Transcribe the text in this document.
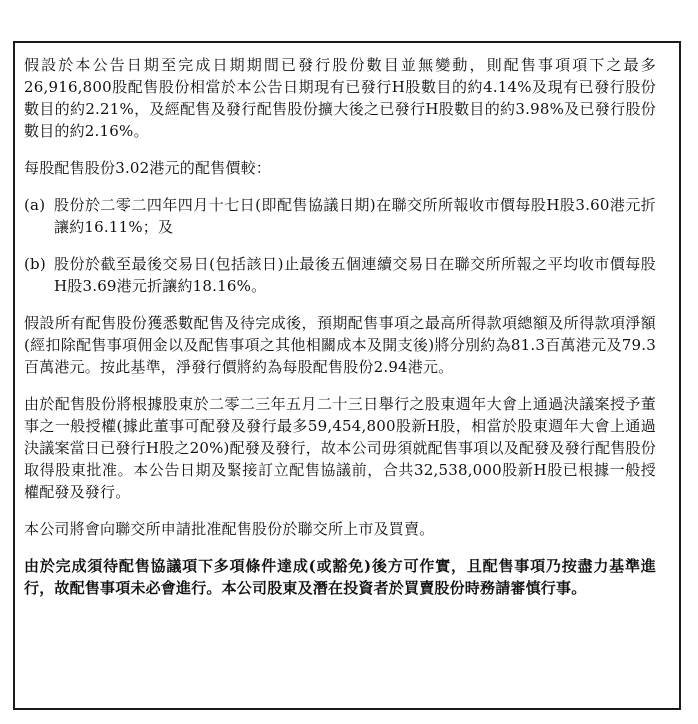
假設於本公告日期至完成日期期間已發行股份數目並無變動，則配售事項項下之最多26,916,800股配售股份相當於本公告日期現有已發行H股數目的約4.14%及現有已發行股份數目的約2.21%，及經配售及發行配售股份擴大後之已發行H股數目的約3.98%及已發行股份數目的約2.16%。

每股配售股份3.02港元的配售價較：

(a) 股份於二零二四年四月十七日(即配售協議日期)在聯交所所報收市價每股H股3.60港元折讓約16.11%；及
(b) 股份於截至最後交易日(包括該日)止最後五個連續交易日在聯交所所報之平均收市價每股H股3.69港元折讓約18.16%。

假設所有配售股份獲悉數配售及待完成後，預期配售事項之最高所得款項總額及所得款項淨額(經扣除配售事項佣金以及配售事項之其他相關成本及開支後)將分別約為81.3百萬港元及79.3百萬港元。按此基準，淨發行價將約為每股配售股份2.94港元。

由於配售股份將根據股東於二零二三年五月二十三日舉行之股東週年大會上通過決議案授予董事之一般授權(據此董事可配發及發行最多59,454,800股新H股，相當於股東週年大會上通過決議案當日已發行H股之20%)配發及發行，故本公司毋須就配售事項以及配發及發行配售股份取得股東批准。本公告日期及緊接訂立配售協議前，合共32,538,000股新H股已根據一般授權配發及發行。

本公司將會向聯交所申請批准配售股份於聯交所上市及買賣。

由於完成須待配售協議項下多項條件達成(或豁免)後方可作實，且配售事項乃按盡力基準進行，故配售事項未必會進行。本公司股東及潛在投資者於買賣股份時務請審慎行事。
